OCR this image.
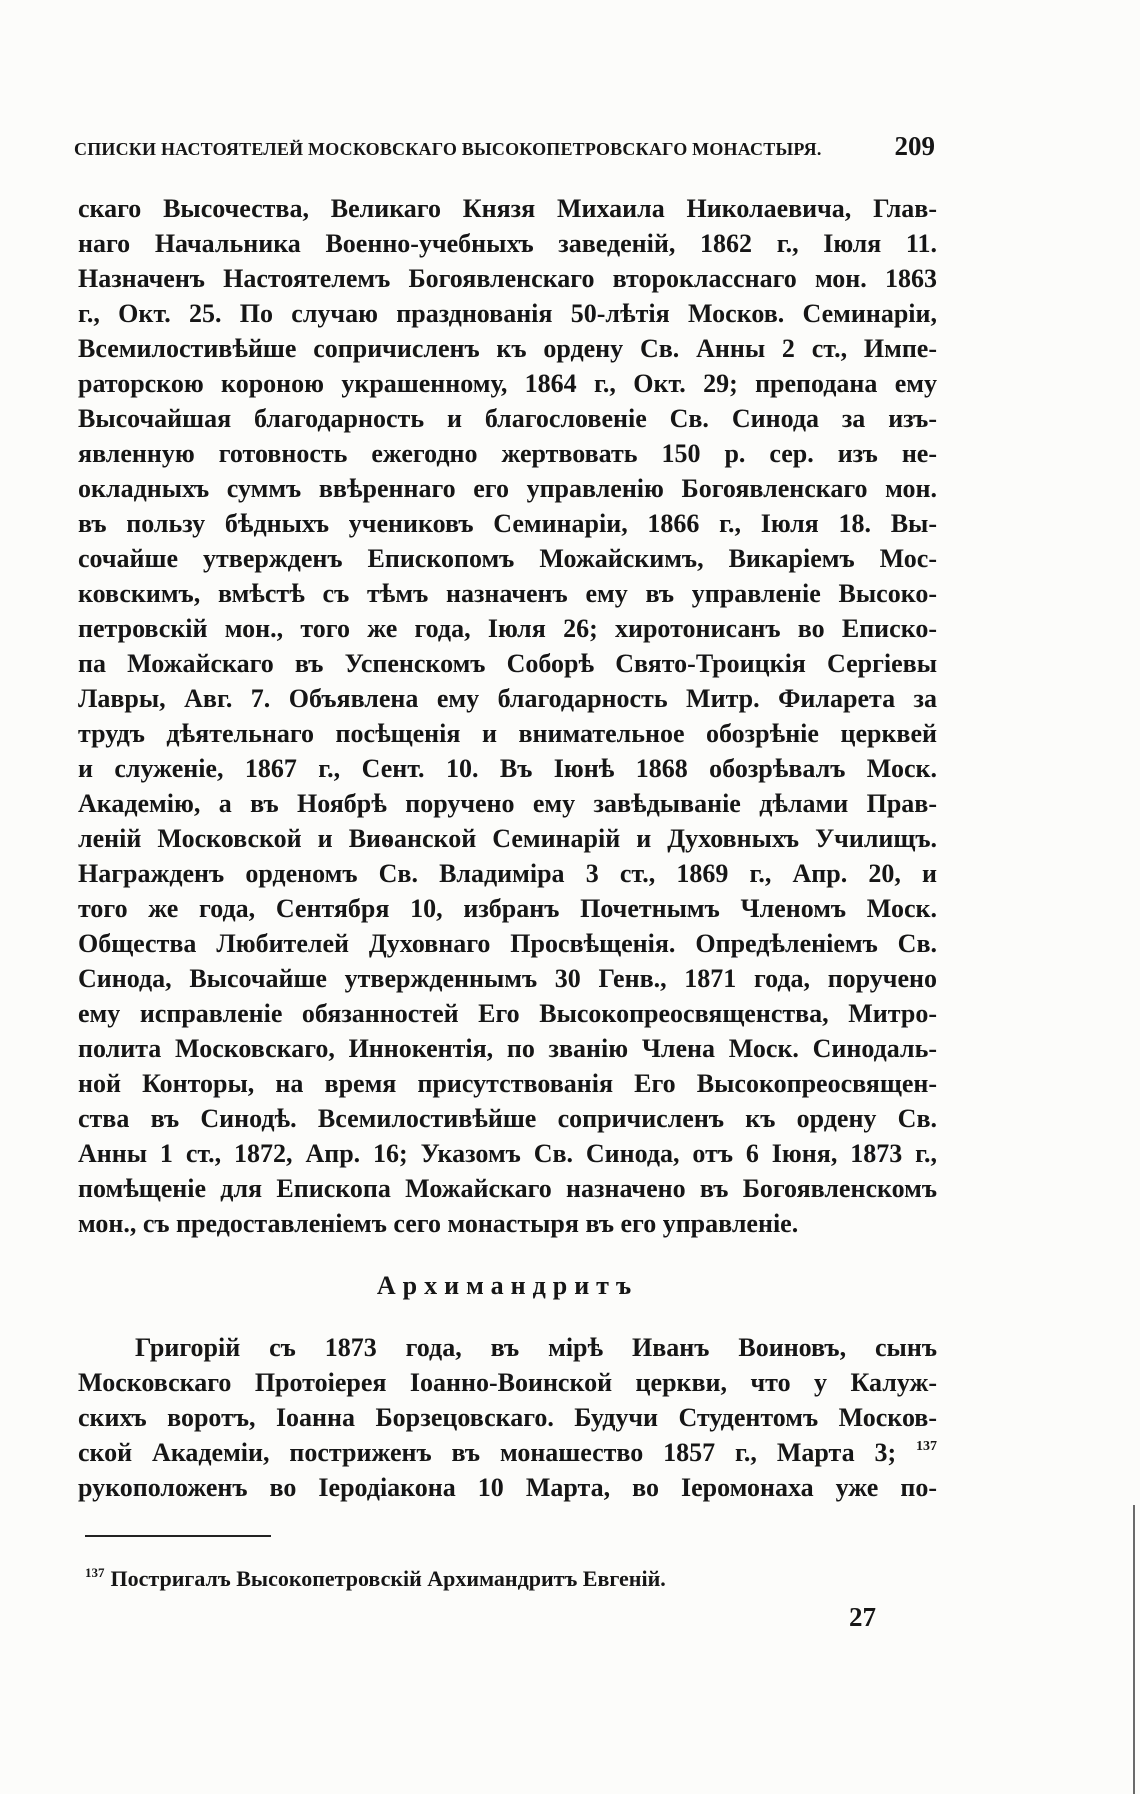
СПИСКИ НАСТОЯТЕЛЕЙ МОСКОВСКАГО ВЫСОКОПЕТРОВСКАГО МОНАСТЫРЯ.	209
скаго Высочества, Великаго Князя Михаила Николаевича, Глав-
наго Начальника Военно-учебныхъ заведеній, 1862 г., Іюля 11.
Назначенъ Настоятелемъ Богоявленскаго второкласснаго мон. 1863
г., Окт. 25. По случаю празднованія 50-лѣтія Москов. Семинаріи,
Всемилостивѣйше сопричисленъ къ ордену Св. Анны 2 ст., Импе-
раторскою короною украшенному, 1864 г., Окт. 29; преподана ему
Высочайшая благодарность и благословеніе Св. Синода за изъ-
явленную готовность ежегодно жертвовать 150 р. сер. изъ не-
окладныхъ суммъ ввѣреннаго его управленію Богоявленскаго мон.
въ пользу бѣдныхъ учениковъ Семинаріи, 1866 г., Іюля 18. Вы-
сочайше утвержденъ Епископомъ Можайскимъ, Викаріемъ Мос-
ковскимъ, вмѣстѣ съ тѣмъ назначенъ ему въ управленіе Высоко-
петровскій мон., того же года, Іюля 26; хиротонисанъ во Еписко-
па Можайскаго въ Успенскомъ Соборѣ Свято-Троицкія Сергіевы
Лавры, Авг. 7. Объявлена ему благодарность Митр. Филарета за
трудъ дѣятельнаго посѣщенія и внимательное обозрѣніе церквей
и служеніе, 1867 г., Сент. 10. Въ Іюнѣ 1868 обозрѣвалъ Моск.
Академію, а въ Ноябрѣ поручено ему завѣдываніе дѣлами Прав-
леній Московской и Виѳанской Семинарій и Духовныхъ Училищъ.
Награжденъ орденомъ Св. Владиміра 3 ст., 1869 г., Апр. 20, и
того же года, Сентября 10, избранъ Почетнымъ Членомъ Моск.
Общества Любителей Духовнаго Просвѣщенія. Опредѣленіемъ Св.
Синода, Высочайше утвержденнымъ 30 Генв., 1871 года, поручено
ему исправленіе обязанностей Его Высокопреосвященства, Митро-
полита Московскаго, Иннокентія, по званію Члена Моск. Синодаль-
ной Конторы, на время присутствованія Его Высокопреосвящен-
ства въ Синодѣ. Всемилостивѣйше сопричисленъ къ ордену Св.
Анны 1 ст., 1872, Апр. 16; Указомъ Св. Синода, отъ 6 Іюня, 1873 г.,
помѣщеніе для Епископа Можайскаго назначено въ Богоявленскомъ
мон., съ предоставленіемъ сего монастыря въ его управленіе.
Архимандритъ
Григорій съ 1873 года, въ мірѣ Иванъ Воиновъ, сынъ
Московскаго Протоіерея Іоанно-Воинской церкви, что у Калуж-
скихъ воротъ, Іоанна Борзецовскаго. Будучи Студентомъ Москов-
ской Академіи, постриженъ въ монашество 1857 г., Марта 3; $^{137}$
рукоположенъ во Іеродіакона 10 Марта, во Іеромонаха уже по-
$^{137}$ Постригалъ Высокопетровскій Архимандритъ Евгеній.
27
